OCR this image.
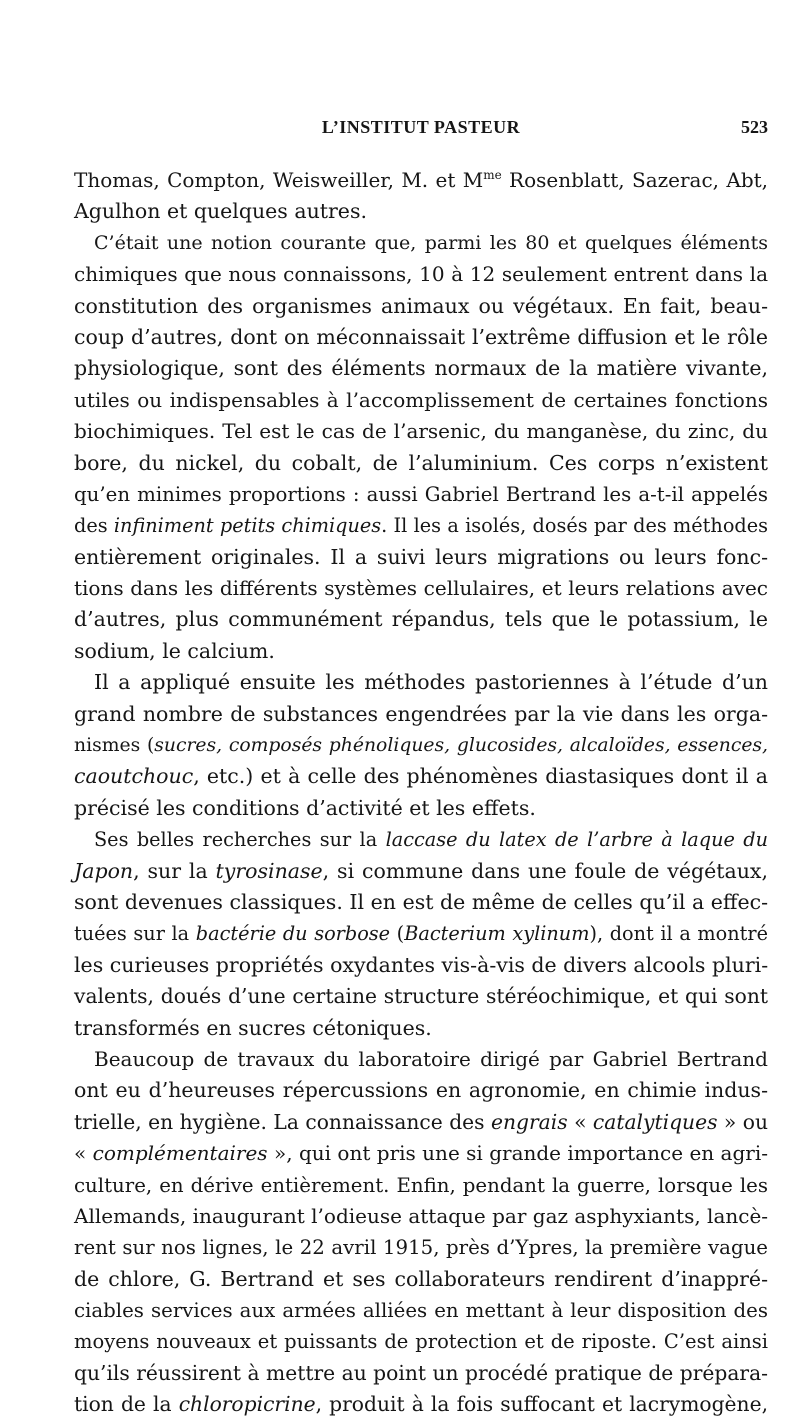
L’INSTITUT PASTEUR	523
Thomas, Compton, Weisweiller, M. et $M^{me}$ Rosenblatt, Sazerac, Abt,
Agulhon et quelques autres.
C’était une notion courante que, parmi les 80 et quelques éléments
chimiques que nous connaissons, 10 à 12 seulement entrent dans la
constitution des organismes animaux ou végétaux. En fait, beau-
coup d’autres, dont on méconnaissait l’extrême diffusion et le rôle
physiologique, sont des éléments normaux de la matière vivante,
utiles ou indispensables à l’accomplissement de certaines fonctions
biochimiques. Tel est le cas de l’arsenic, du manganèse, du zinc, du
bore, du nickel, du cobalt, de l’aluminium. Ces corps n’existent
qu’en minimes proportions : aussi Gabriel Bertrand les a-t-il appelés
des infiniment petits chimiques. Il les a isolés, dosés par des méthodes
entièrement originales. Il a suivi leurs migrations ou leurs fonc-
tions dans les différents systèmes cellulaires, et leurs relations avec
d’autres, plus communément répandus, tels que le potassium, le
sodium, le calcium.
Il a appliqué ensuite les méthodes pastoriennes à l’étude d’un
grand nombre de substances engendrées par la vie dans les orga-
nismes (sucres, composés phénoliques, glucosides, alcaloïdes, essences,
caoutchouc, etc.) et à celle des phénomènes diastasiques dont il a
précisé les conditions d’activité et les effets.
Ses belles recherches sur la laccase du latex de l’arbre à laque du
Japon, sur la tyrosinase, si commune dans une foule de végétaux,
sont devenues classiques. Il en est de même de celles qu’il a effec-
tuées sur la bactérie du sorbose (Bacterium xylinum), dont il a montré
les curieuses propriétés oxydantes vis-à-vis de divers alcools pluri-
valents, doués d’une certaine structure stéréochimique, et qui sont
transformés en sucres cétoniques.
Beaucoup de travaux du laboratoire dirigé par Gabriel Bertrand
ont eu d’heureuses répercussions en agronomie, en chimie indus-
trielle, en hygiène. La connaissance des engrais « catalytiques » ou
« complémentaires », qui ont pris une si grande importance en agri-
culture, en dérive entièrement. Enfin, pendant la guerre, lorsque les
Allemands, inaugurant l’odieuse attaque par gaz asphyxiants, lancè-
rent sur nos lignes, le 22 avril 1915, près d’Ypres, la première vague
de chlore, G. Bertrand et ses collaborateurs rendirent d’inappré-
ciables services aux armées alliées en mettant à leur disposition des
moyens nouveaux et puissants de protection et de riposte. C’est ainsi
qu’ils réussirent à mettre au point un procédé pratique de prépara-
tion de la chloropicrine, produit à la fois suffocant et lacrymogène,
